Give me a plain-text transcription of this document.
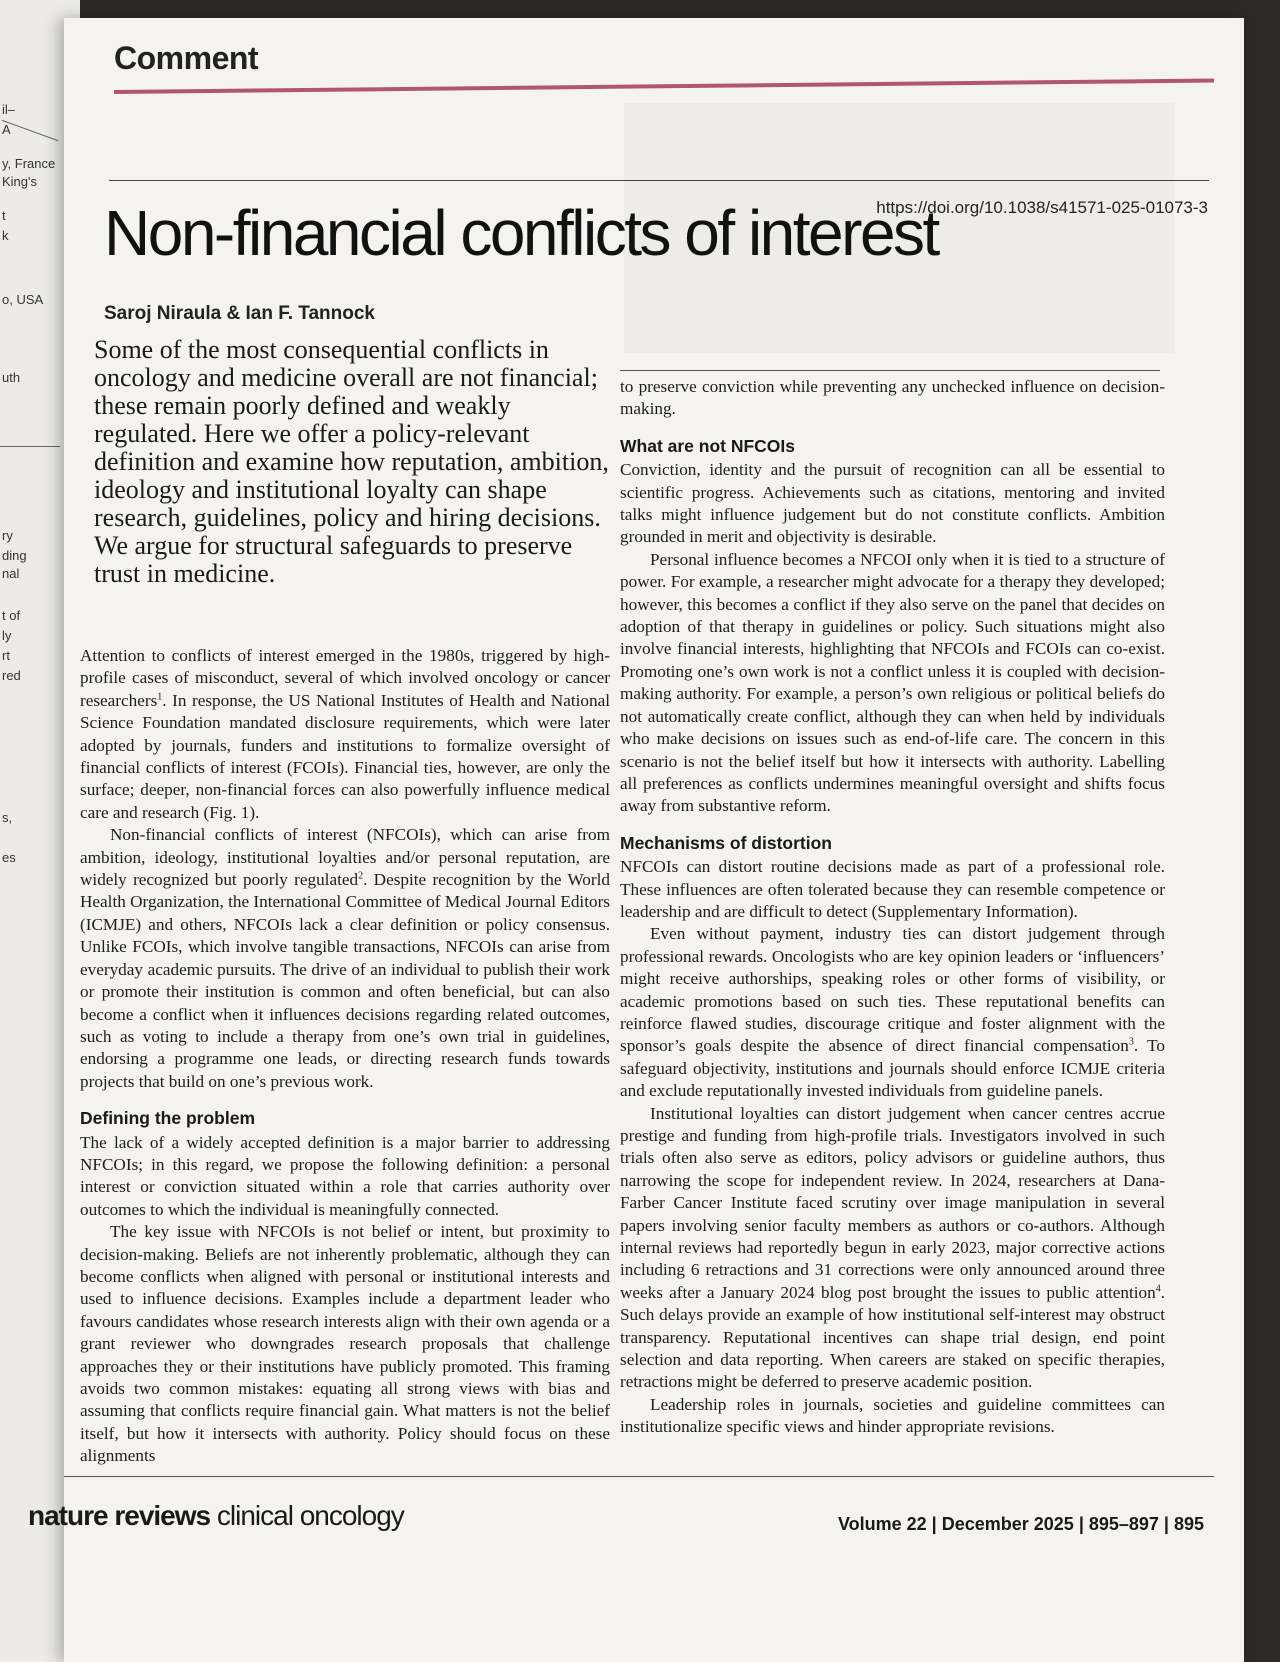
il–
A
y, France
King's
t
k
o, USA
uth
ry
ding
nal
t of
ly
rt
red
s,
es
Comment
https://doi.org/10.1038/s41571-025-01073-3
Non-financial conflicts of interest
Saroj Niraula & Ian F. Tannock
Some of the most consequential conflicts in oncology and medicine overall are not financial; these remain poorly defined and weakly regulated. Here we offer a policy-relevant definition and examine how reputation, ambition, ideology and institutional loyalty can shape research, guidelines, policy and hiring decisions. We argue for structural safeguards to preserve trust in medicine.

Attention to conflicts of interest emerged in the 1980s, triggered by high-profile cases of misconduct, several of which involved oncology or cancer researchers$^1$. In response, the US National Institutes of Health and National Science Foundation mandated disclosure requirements, which were later adopted by journals, funders and institutions to formalize oversight of financial conflicts of interest (FCOIs). Financial ties, however, are only the surface; deeper, non-financial forces can also powerfully influence medical care and research (Fig. 1).

Non-financial conflicts of interest (NFCOIs), which can arise from ambition, ideology, institutional loyalties and/or personal reputation, are widely recognized but poorly regulated$^2$. Despite recognition by the World Health Organization, the International Committee of Medical Journal Editors (ICMJE) and others, NFCOIs lack a clear definition or policy consensus. Unlike FCOIs, which involve tangible transactions, NFCOIs can arise from everyday academic pursuits. The drive of an individual to publish their work or promote their institution is common and often beneficial, but can also become a conflict when it influences decisions regarding related outcomes, such as voting to include a therapy from one’s own trial in guidelines, endorsing a programme one leads, or directing research funds towards projects that build on one’s previous work.

Defining the problem

The lack of a widely accepted definition is a major barrier to addressing NFCOIs; in this regard, we propose the following definition: a personal interest or conviction situated within a role that carries authority over outcomes to which the individual is meaningfully connected.

The key issue with NFCOIs is not belief or intent, but proximity to decision-making. Beliefs are not inherently problematic, although they can become conflicts when aligned with personal or institutional interests and used to influence decisions. Examples include a department leader who favours candidates whose research interests align with their own agenda or a grant reviewer who downgrades research proposals that challenge approaches they or their institutions have publicly promoted. This framing avoids two common mistakes: equating all strong views with bias and assuming that conflicts require financial gain. What matters is not the belief itself, but how it intersects with authority. Policy should focus on these alignments

to preserve conviction while preventing any unchecked influence on decision-making.

What are not NFCOIs

Conviction, identity and the pursuit of recognition can all be essential to scientific progress. Achievements such as citations, mentoring and invited talks might influence judgement but do not constitute conflicts. Ambition grounded in merit and objectivity is desirable.

Personal influence becomes a NFCOI only when it is tied to a structure of power. For example, a researcher might advocate for a therapy they developed; however, this becomes a conflict if they also serve on the panel that decides on adoption of that therapy in guidelines or policy. Such situations might also involve financial interests, highlighting that NFCOIs and FCOIs can co-exist. Promoting one’s own work is not a conflict unless it is coupled with decision-making authority. For example, a person’s own religious or political beliefs do not automatically create conflict, although they can when held by individuals who make decisions on issues such as end-of-life care. The concern in this scenario is not the belief itself but how it intersects with authority. Labelling all preferences as conflicts undermines meaningful oversight and shifts focus away from substantive reform.

Mechanisms of distortion

NFCOIs can distort routine decisions made as part of a professional role. These influences are often tolerated because they can resemble competence or leadership and are difficult to detect (Supplementary Information).

Even without payment, industry ties can distort judgement through professional rewards. Oncologists who are key opinion leaders or ‘influencers’ might receive authorships, speaking roles or other forms of visibility, or academic promotions based on such ties. These reputational benefits can reinforce flawed studies, discourage critique and foster alignment with the sponsor’s goals despite the absence of direct financial compensation$^3$. To safeguard objectivity, institutions and journals should enforce ICMJE criteria and exclude reputationally invested individuals from guideline panels.

Institutional loyalties can distort judgement when cancer centres accrue prestige and funding from high-profile trials. Investigators involved in such trials often also serve as editors, policy advisors or guideline authors, thus narrowing the scope for independent review. In 2024, researchers at Dana-Farber Cancer Institute faced scrutiny over image manipulation in several papers involving senior faculty members as authors or co-authors. Although internal reviews had reportedly begun in early 2023, major corrective actions including 6 retractions and 31 corrections were only announced around three weeks after a January 2024 blog post brought the issues to public attention$^4$. Such delays provide an example of how institutional self-interest may obstruct transparency. Reputational incentives can shape trial design, end point selection and data reporting. When careers are staked on specific therapies, retractions might be deferred to preserve academic position.

Leadership roles in journals, societies and guideline committees can institutionalize specific views and hinder appropriate revisions.

nature reviews clinical oncology	Volume 22 | December 2025 | 895–897 | 895
